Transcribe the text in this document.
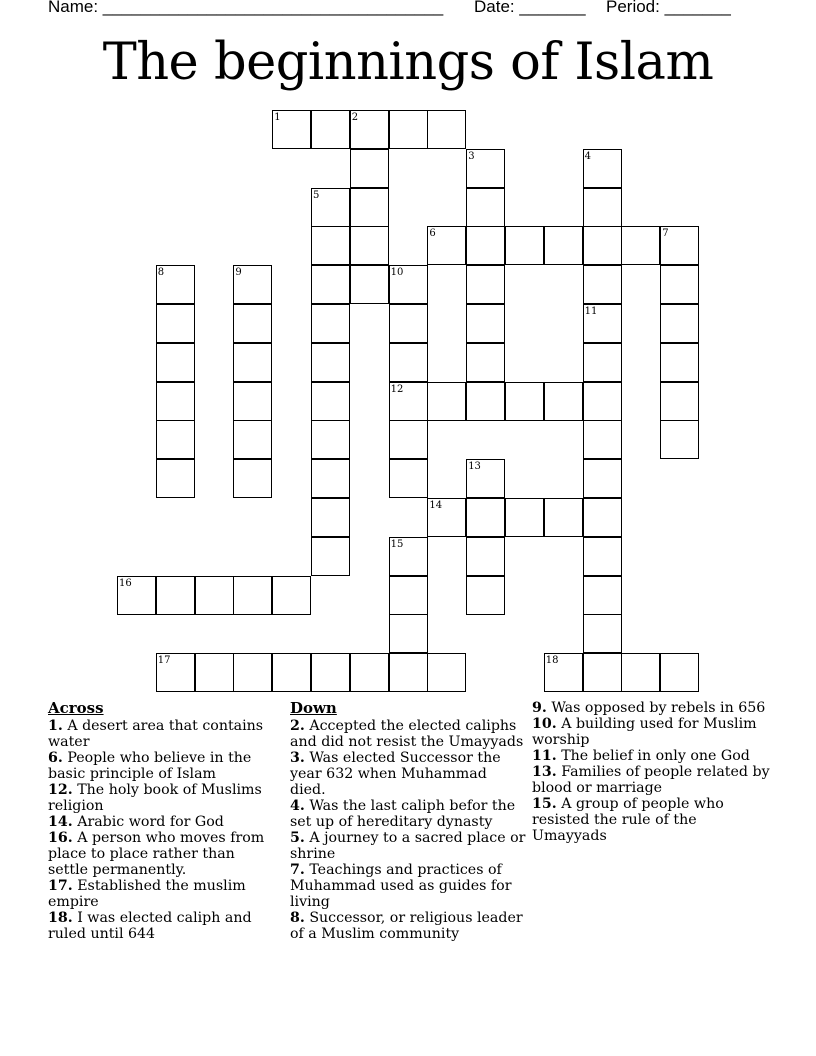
Name: ____________________________________ Date: _______ Period: _______
The beginnings of Islam
1	2
3	4
5
6	7
8	9	10
11
12
13
14
15
16
17	18
Across

1. A desert area that contains water

6. People who believe in the basic principle of Islam

12. The holy book of Muslims religion

14. Arabic word for God

16. A person who moves from place to place rather than settle permanently.

17. Established the muslim empire

18. I was elected caliph and ruled until 644

Down

2. Accepted the elected caliphs and did not resist the Umayyads

3. Was elected Successor the year 632 when Muhammad died.

4. Was the last caliph befor the set up of hereditary dynasty

5. A journey to a sacred place or shrine

7. Teachings and practices of Muhammad used as guides for living

8. Successor, or religious leader of a Muslim community

9. Was opposed by rebels in 656

10. A building used for Muslim worship

11. The belief in only one God

13. Families of people related by blood or marriage

15. A group of people who resisted the rule of the Umayyads
